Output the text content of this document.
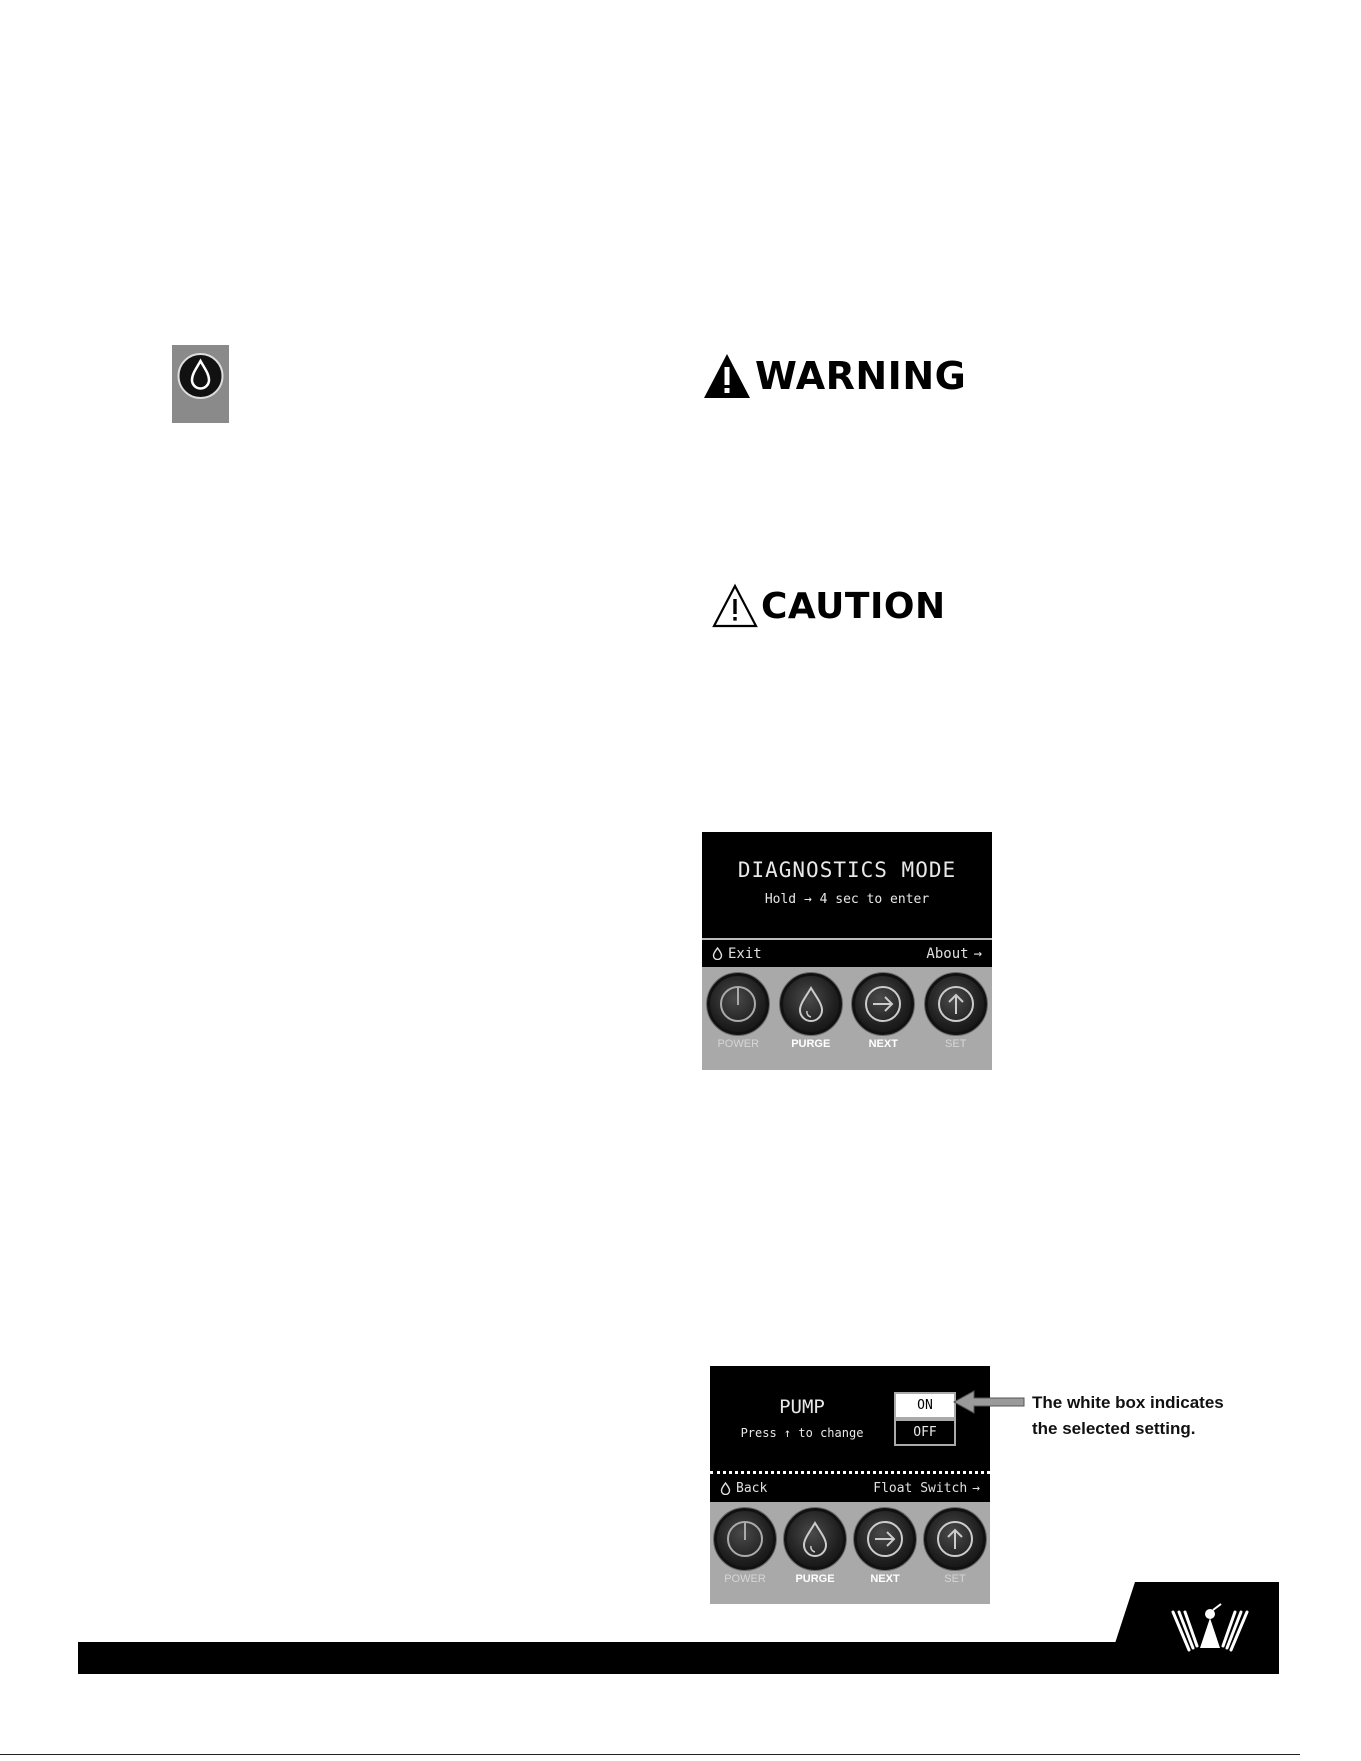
WARNING
CAUTION
DIAGNOSTICS MODE
Hold → 4 sec to enter
Exit	About →
POWER	PURGE	NEXT	SET
PUMP
Press ↑ to change
ON
OFF
Back	Float Switch →
POWER	PURGE	NEXT	SET
The white box indicates
the selected setting.
